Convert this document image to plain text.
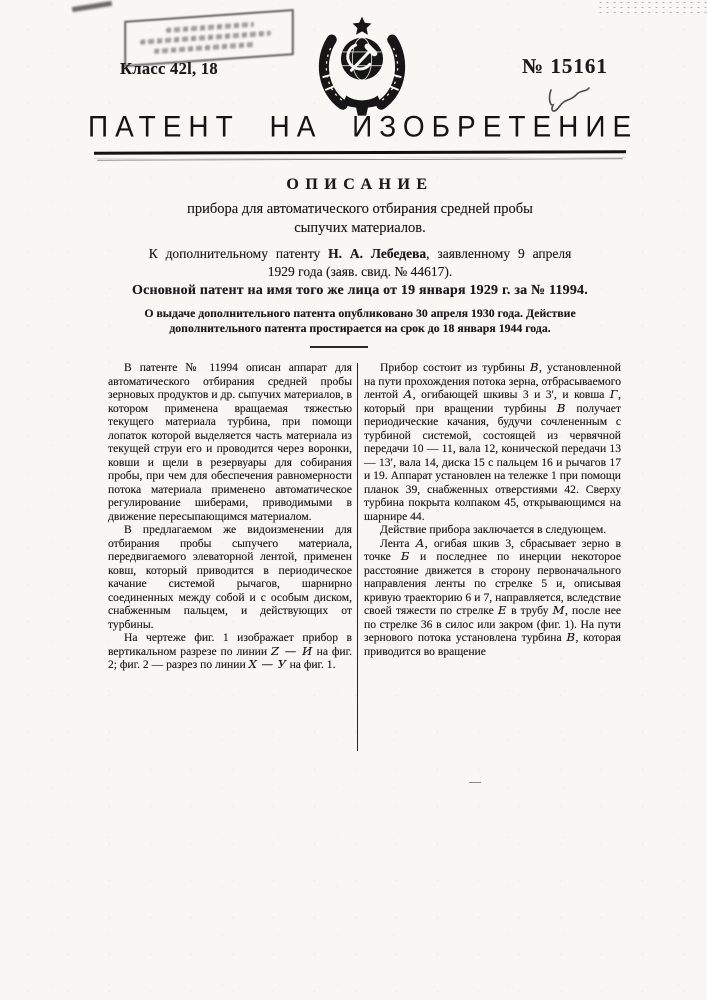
Класс 42l, 18	№ 15161
ПАТЕНТ НА ИЗОБРЕТЕНИЕ
ОПИСАНИЕ
прибора для автоматического отбирания средней пробы
сыпучих материалов.
К дополнительному патенту Н. А. Лебедева, заявленному 9 апреля
1929 года (заяв. свид. № 44617).
Основной патент на имя того же лица от 19 января 1929 г. за № 11994.
О выдаче дополнительного патента опубликовано 30 апреля 1930 года. Действие
дополнительного патента простирается на срок до 18 января 1944 года.

В патенте № 11994 описан аппарат для автоматического отбирания средней пробы зерновых продуктов и др. сыпучих материалов, в котором применена вращаемая тяжестью текущего материала турбина, при помощи лопаток которой выделяется часть материала из текущей струи его и проводится через воронки, ковши и щели в резервуары для собирания пробы, при чем для обеспечения равномерности потока материала применено автоматическое регулирование шиберами, приводимыми в движение пересыпающимся материалом.

В предлагаемом же видоизменении для отбирания пробы сыпучего материала, передвигаемого элеваторной лентой, применен ковш, который приводится в периодическое качание системой рычагов, шарнирно соединенных между собой и с особым диском, снабженным пальцем, и действующих от турбины.

На чертеже фиг. 1 изображает прибор в вертикальном разрезе по линии Z — И на фиг. 2; фиг. 2 — разрез по линии X — У на фиг. 1.

Прибор состоит из турбины В, установленной на пути прохождения потока зерна, отбрасываемого лентой А, огибающей шкивы 3 и 3′, и ковша Г, который при вращении турбины В получает периодические качания, будучи сочлененным с турбиной системой, состоящей из червячной передачи 10 — 11, вала 12, конической передачи 13 — 13′, вала 14, диска 15 с пальцем 16 и рычагов 17 и 19. Аппарат установлен на тележке 1 при помощи планок 39, снабженных отверстиями 42. Сверху турбина покрыта колпаком 45, открывающимся на шарнире 44.

Действие прибора заключается в следующем.

Лента А, огибая шкив 3, сбрасывает зерно в точке Б и последнее по инерции некоторое расстояние движется в сторону первоначального направления ленты по стрелке 5 и, описывая кривую траекторию 6 и 7, направляется, вследствие своей тяжести по стрелке Е в трубу М, после нее по стрелке 36 в силос или закром (фиг. 1). На пути зернового потока установлена турбина В, которая приводится во вращение

—
